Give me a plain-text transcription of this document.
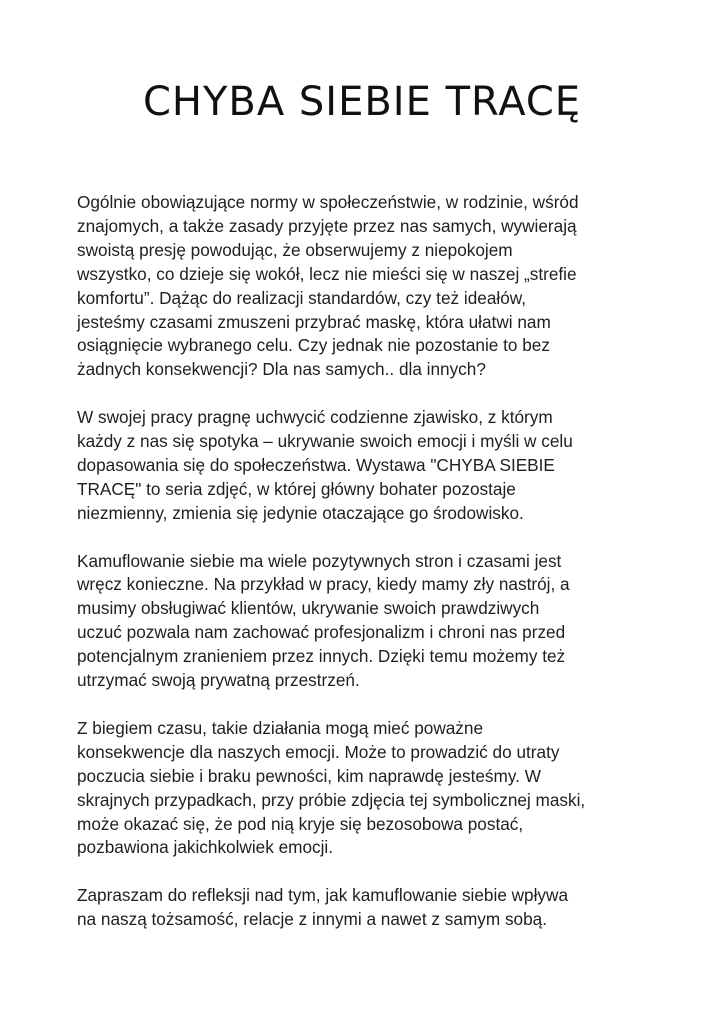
CHYBA SIEBIE TRACĘ

Ogólnie obowiązujące normy w społeczeństwie, w rodzinie, wśród
znajomych, a także zasady przyjęte przez nas samych, wywierają
swoistą presję powodując, że obserwujemy z niepokojem
wszystko, co dzieje się wokół, lecz nie mieści się w naszej „strefie
komfortu”. Dążąc do realizacji standardów, czy też ideałów,
jesteśmy czasami zmuszeni przybrać maskę, która ułatwi nam
osiągnięcie wybranego celu. Czy jednak nie pozostanie to bez
żadnych konsekwencji? Dla nas samych.. dla innych?

W swojej pracy pragnę uchwycić codzienne zjawisko, z którym
każdy z nas się spotyka – ukrywanie swoich emocji i myśli w celu
dopasowania się do społeczeństwa. Wystawa "CHYBA SIEBIE
TRACĘ" to seria zdjęć, w której główny bohater pozostaje
niezmienny, zmienia się jedynie otaczające go środowisko.

Kamuflowanie siebie ma wiele pozytywnych stron i czasami jest
wręcz konieczne. Na przykład w pracy, kiedy mamy zły nastrój, a
musimy obsługiwać klientów, ukrywanie swoich prawdziwych
uczuć pozwala nam zachować profesjonalizm i chroni nas przed
potencjalnym zranieniem przez innych. Dzięki temu możemy też
utrzymać swoją prywatną przestrzeń.

Z biegiem czasu, takie działania mogą mieć poważne
konsekwencje dla naszych emocji. Może to prowadzić do utraty
poczucia siebie i braku pewności, kim naprawdę jesteśmy. W
skrajnych przypadkach, przy próbie zdjęcia tej symbolicznej maski,
może okazać się, że pod nią kryje się bezosobowa postać,
pozbawiona jakichkolwiek emocji.

Zapraszam do refleksji nad tym, jak kamuflowanie siebie wpływa
na naszą tożsamość, relacje z innymi a nawet z samym sobą.
